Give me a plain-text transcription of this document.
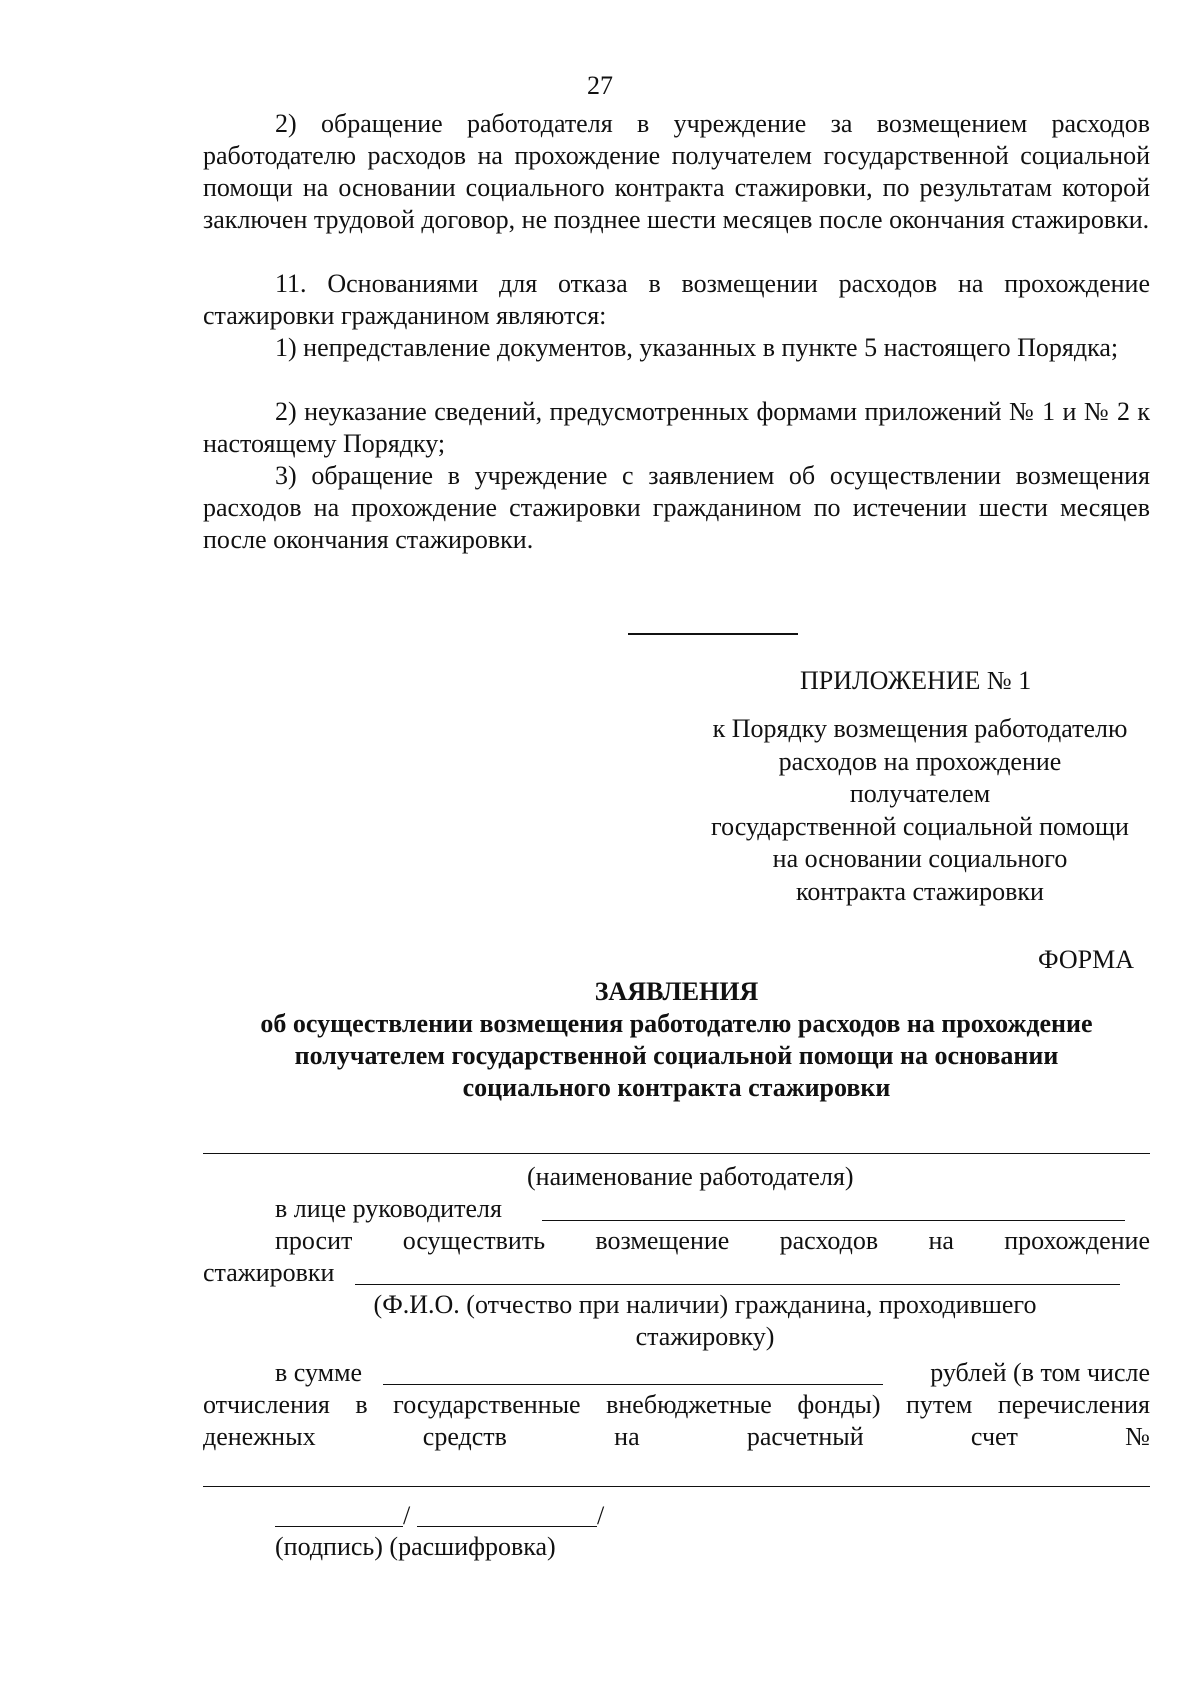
27

2) обращение работодателя в учреждение за возмещением расходов работодателю расходов на прохождение получателем государственной социальной помощи на основании социального контракта стажировки, по результатам которой заключен трудовой договор, не позднее шести месяцев после окончания стажировки.

11. Основаниями для отказа в возмещении расходов на прохождение стажировки гражданином являются:

1) непредставление документов, указанных в пункте 5 настоящего Порядка;

2) неуказание сведений, предусмотренных формами приложений № 1 и № 2 к настоящему Порядку;

3) обращение в учреждение с заявлением об осуществлении возмещения расходов на прохождение стажировки гражданином по истечении шести месяцев после окончания стажировки.

ПРИЛОЖЕНИЕ № 1
к Порядку возмещения работодателю
расходов на прохождение
получателем
государственной социальной помощи
на основании социального
контракта стажировки
ФОРМА
ЗАЯВЛЕНИЯ
об осуществлении возмещения работодателю расходов на прохождение
получателем государственной социальной помощи на основании
социального контракта стажировки
(наименование работодателя)
в лице руководителя
просит осуществить возмещение расходов на прохождение
стажировки
(Ф.И.О. (отчество при наличии) гражданина, проходившего
стажировку)
в сумме	рублей (в том числе
отчисления в государственные внебюджетные фонды) путем перечисления
денежных	средств	на	расчетный	счет	№
/	/
(подпись) (расшифровка)
